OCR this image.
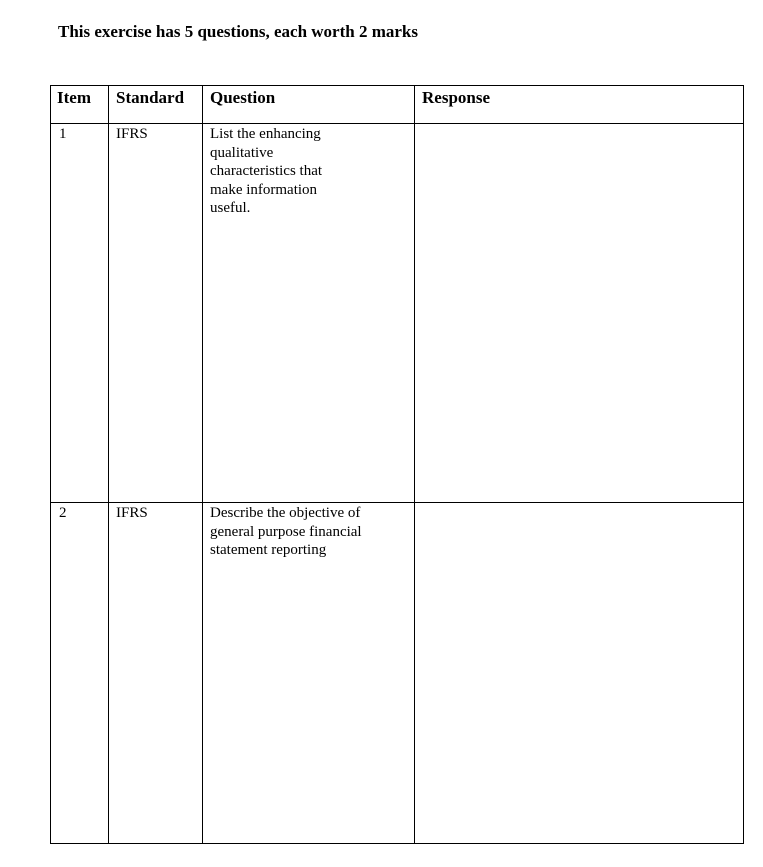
This exercise has 5 questions, each worth 2 marks
Item	Standard	Question	Response
1	IFRS	List the enhancing qualitative characteristics that make information useful.	

2	IFRS	Describe the objective of general purpose financial statement reporting	
